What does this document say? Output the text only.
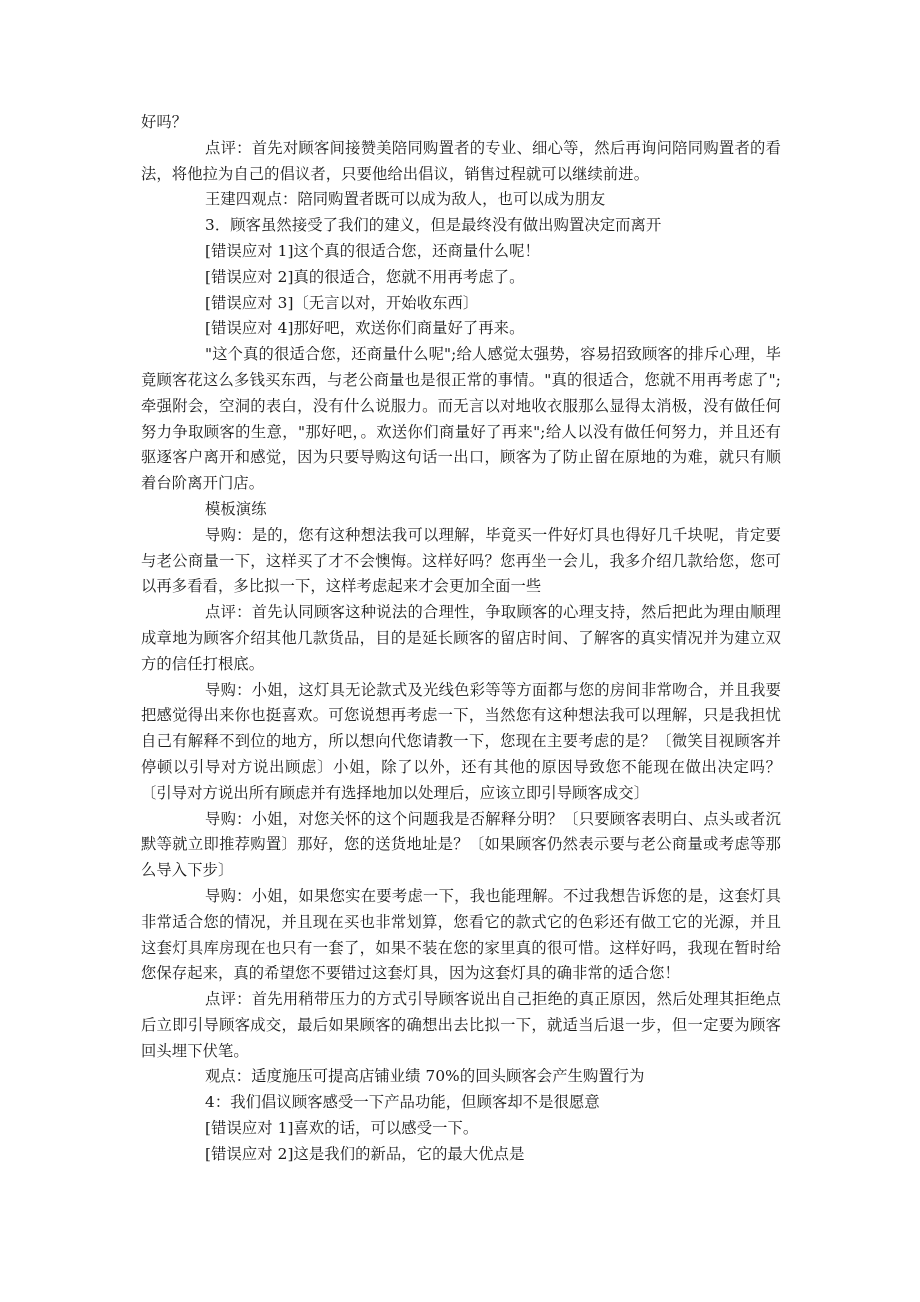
好吗？

点评：首先对顾客间接赞美陪同购置者的专业、细心等，然后再询问陪同购置者的看法，将他拉为自己的倡议者，只要他给出倡议，销售过程就可以继续前进。

王建四观点：陪同购置者既可以成为敌人，也可以成为朋友

3．顾客虽然接受了我们的建义，但是最终没有做出购置决定而离开

[错误应对 1]这个真的很适合您，还商量什么呢！

[错误应对 2]真的很适合，您就不用再考虑了。

[错误应对 3]〔无言以对，开始收东西〕

[错误应对 4]那好吧，欢送你们商量好了再来。

"这个真的很适合您，还商量什么呢";给人感觉太强势，容易招致顾客的排斥心理，毕竟顾客花这么多钱买东西，与老公商量也是很正常的事情。"真的很适合，您就不用再考虑了";牵强附会，空洞的表白，没有什么说服力。而无言以对地收衣服那么显得太消极，没有做任何努力争取顾客的生意，"那好吧，。欢送你们商量好了再来";给人以没有做任何努力，并且还有驱逐客户离开和感觉，因为只要导购这句话一出口，顾客为了防止留在原地的为难，就只有顺着台阶离开门店。

模板演练

导购：是的，您有这种想法我可以理解，毕竟买一件好灯具也得好几千块呢，肯定要与老公商量一下，这样买了才不会懊悔。这样好吗？您再坐一会儿，我多介绍几款给您，您可以再多看看，多比拟一下，这样考虑起来才会更加全面一些

点评：首先认同顾客这种说法的合理性，争取顾客的心理支持，然后把此为理由顺理成章地为顾客介绍其他几款货品，目的是延长顾客的留店时间、了解客的真实情况并为建立双方的信任打根底。

导购：小姐，这灯具无论款式及光线色彩等等方面都与您的房间非常吻合，并且我要把感觉得出来你也挺喜欢。可您说想再考虑一下，当然您有这种想法我可以理解，只是我担忧自己有解释不到位的地方，所以想向代您请教一下，您现在主要考虑的是？〔微笑目视顾客并停顿以引导对方说出顾虑〕小姐，除了以外，还有其他的原因导致您不能现在做出决定吗？〔引导对方说出所有顾虑并有选择地加以处理后，应该立即引导顾客成交〕

导购：小姐，对您关怀的这个问题我是否解释分明？〔只要顾客表明白、点头或者沉默等就立即推荐购置〕那好，您的送货地址是？〔如果顾客仍然表示要与老公商量或考虑等那么导入下步〕

导购：小姐，如果您实在要考虑一下，我也能理解。不过我想告诉您的是，这套灯具非常适合您的情况，并且现在买也非常划算，您看它的款式它的色彩还有做工它的光源，并且这套灯具库房现在也只有一套了，如果不装在您的家里真的很可惜。这样好吗，我现在暂时给您保存起来，真的希望您不要错过这套灯具，因为这套灯具的确非常的适合您！

点评：首先用稍带压力的方式引导顾客说出自己拒绝的真正原因，然后处理其拒绝点后立即引导顾客成交，最后如果顾客的确想出去比拟一下，就适当后退一步，但一定要为顾客回头埋下伏笔。

观点：适度施压可提高店铺业绩 70%的回头顾客会产生购置行为

4：我们倡议顾客感受一下产品功能，但顾客却不是很愿意

[错误应对 1]喜欢的话，可以感受一下。

[错误应对 2]这是我们的新品，它的最大优点是
